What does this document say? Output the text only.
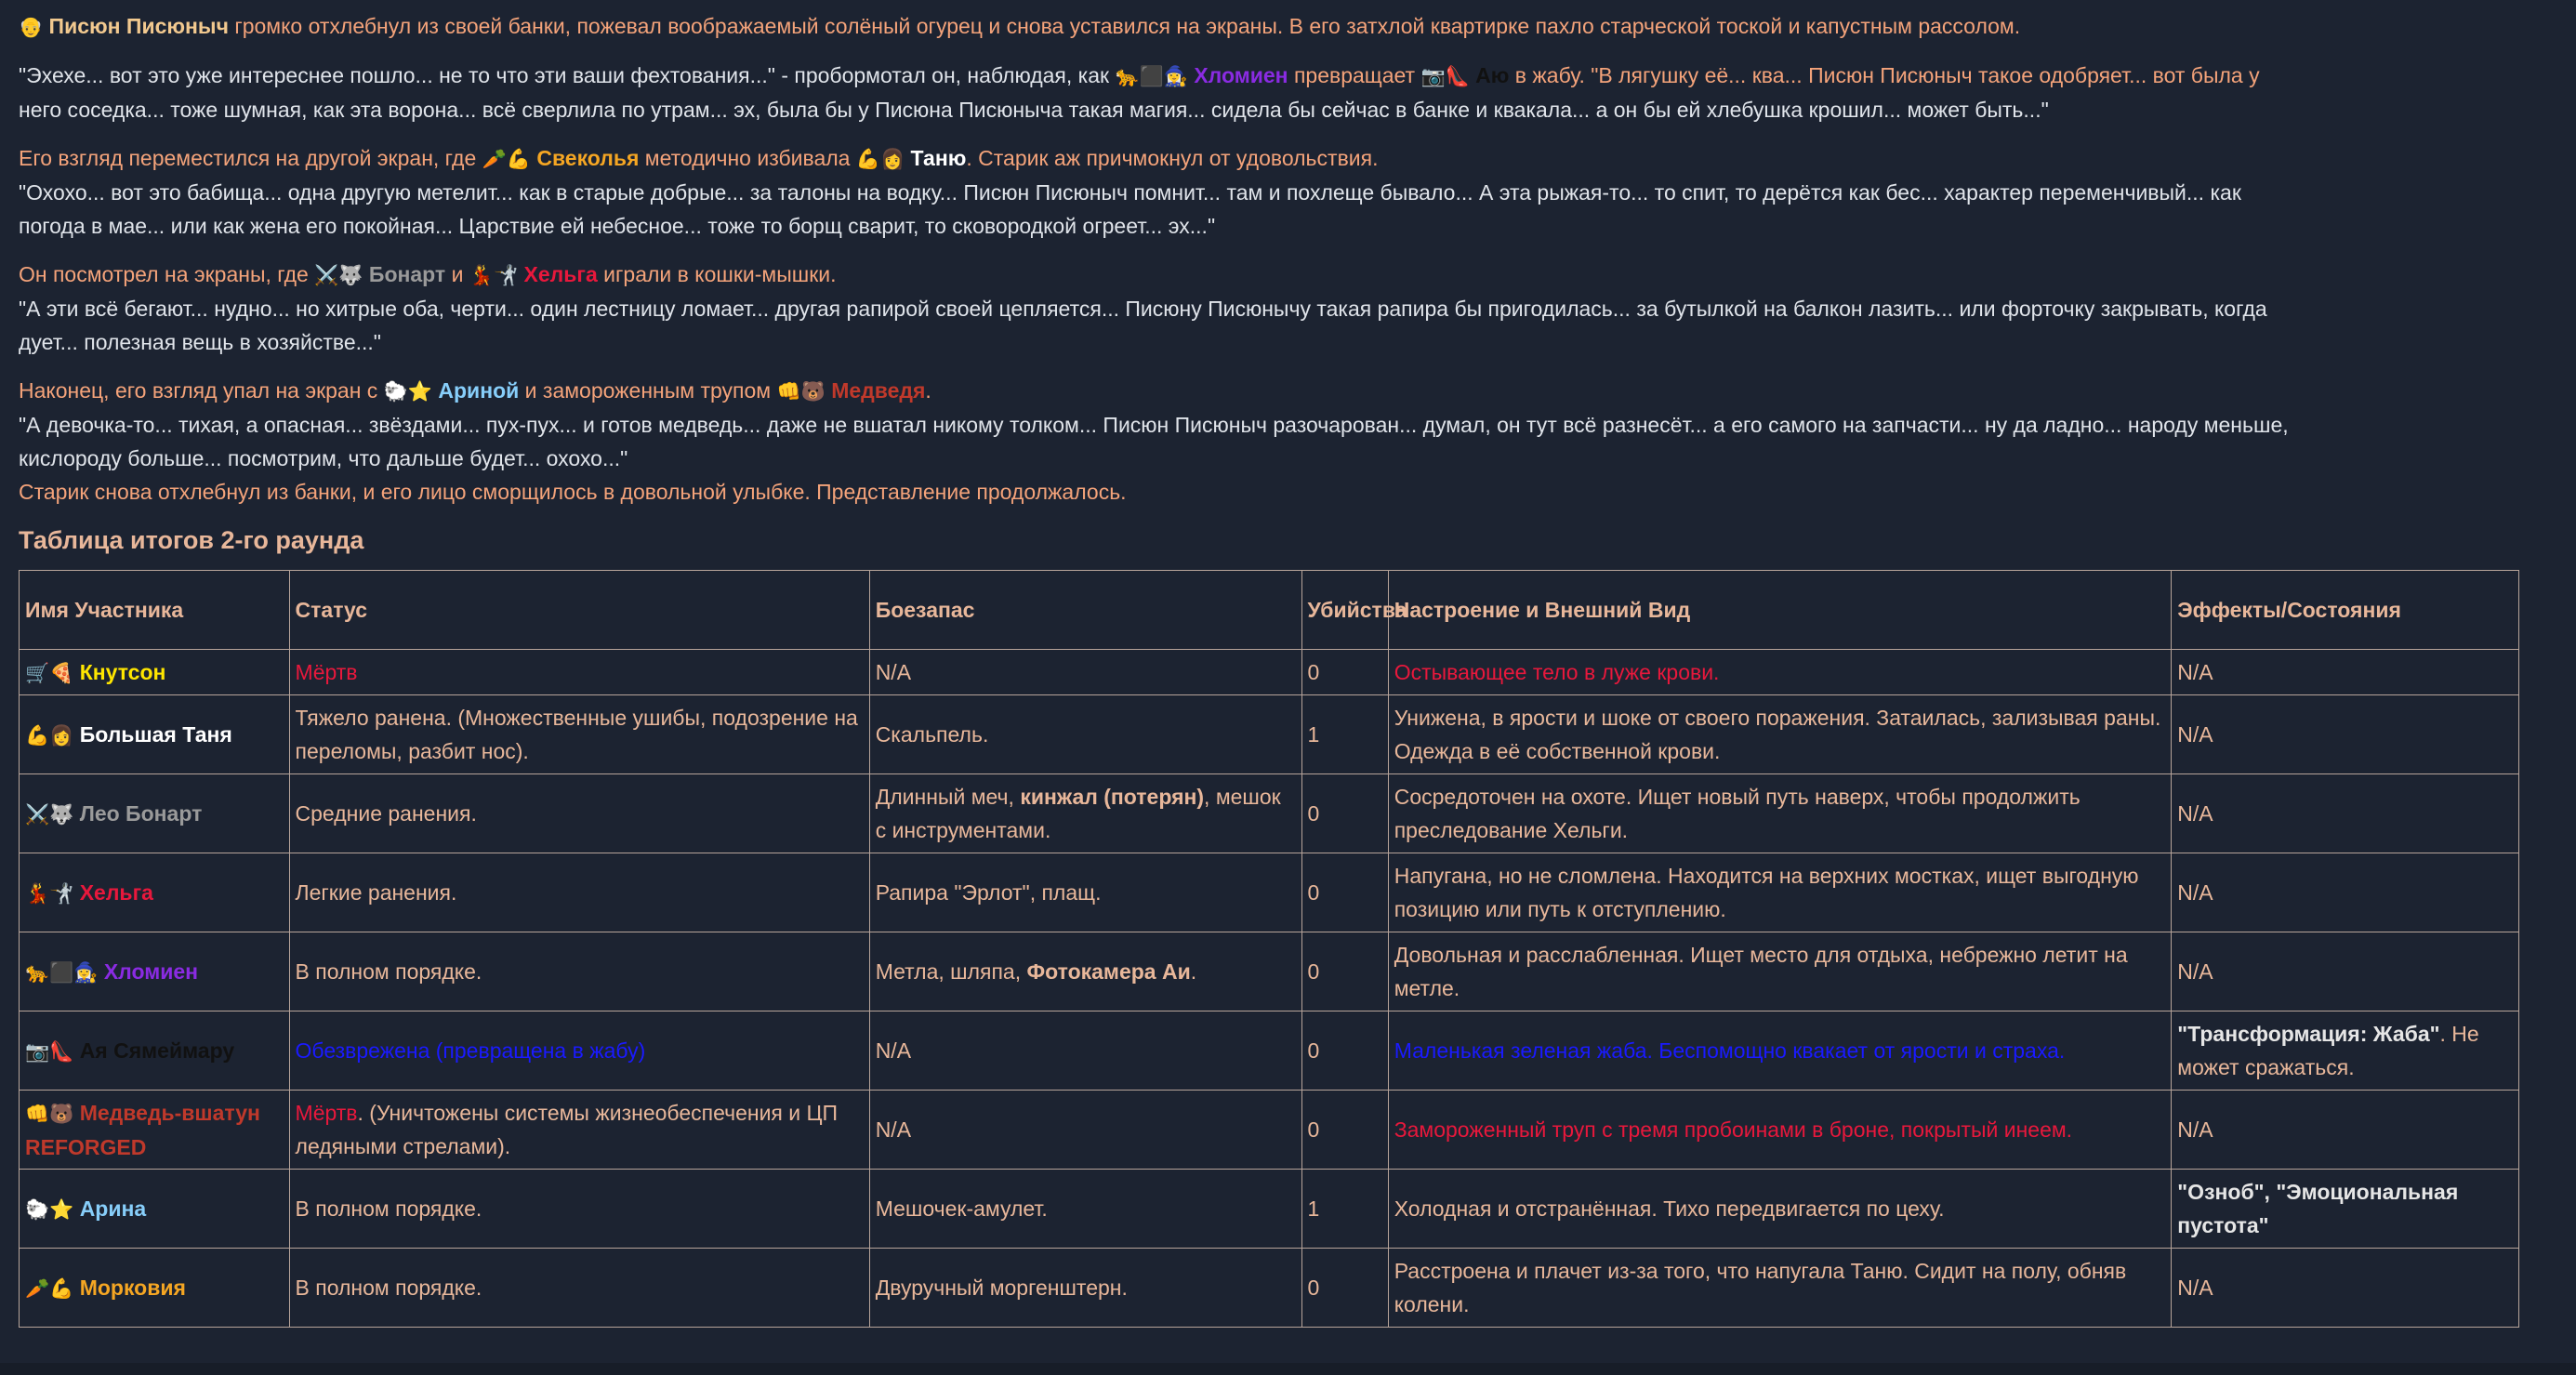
👴 Писюн Писюныч громко отхлебнул из своей банки, пожевал воображаемый солёный огурец и снова уставился на экраны. В его затхлой квартирке пахло старческой тоской и капустным рассолом.

"Эхехе... вот это уже интереснее пошло... не то что эти ваши фехтования..." - пробормотал он, наблюдая, как 🐆⬛🧙‍♀️ Хломиен превращает 📷👠 Аю в жабу. "В лягушку её... ква... Писюн Писюныч такое одобряет... вот была у
него соседка... тоже шумная, как эта ворона... всё сверлила по утрам... эх, была бы у Писюна Писюныча такая магия... сидела бы сейчас в банке и квакала... а он бы ей хлебушка крошил... может быть..."

Его взгляд переместился на другой экран, где 🥕💪 Свеколья методично избивала 💪👩 Таню. Старик аж причмокнул от удовольствия.
"Охохо... вот это бабища... одна другую метелит... как в старые добрые... за талоны на водку... Писюн Писюныч помнит... там и похлеще бывало... А эта рыжая-то... то спит, то дерётся как бес... характер переменчивый... как
погода в мае... или как жена его покойная... Царствие ей небесное... тоже то борщ сварит, то сковородкой огреет... эх..."

Он посмотрел на экраны, где ⚔️🐺 Бонарт и 💃🤺 Хельга играли в кошки-мышки.
"А эти всё бегают... нудно... но хитрые оба, черти... один лестницу ломает... другая рапирой своей цепляется... Писюну Писюнычу такая рапира бы пригодилась... за бутылкой на балкон лазить... или форточку закрывать, когда
дует... полезная вещь в хозяйстве..."

Наконец, его взгляд упал на экран с 🐑⭐ Ариной и замороженным трупом 👊🐻 Медведя.
"А девочка-то... тихая, а опасная... звёздами... пух-пух... и готов медведь... даже не вшатал никому толком... Писюн Писюныч разочарован... думал, он тут всё разнесёт... а его самого на запчасти... ну да ладно... народу меньше,
кислороду больше... посмотрим, что дальше будет... охохо..."
Старик снова отхлебнул из банки, и его лицо сморщилось в довольной улыбке. Представление продолжалось.

Таблица итогов 2-го раунда
Имя Участника	Статус	Боезапас	Убийства	Настроение и Внешний Вид	Эффекты/Состояния
🛒🍕 Кнутсон	Мёртв	N/A	0	Остывающее тело в луже крови.	N/A
💪👩 Большая Таня	Тяжело ранена. (Множественные ушибы, подозрение на переломы, разбит нос).	Скальпель.	1	Унижена, в ярости и шоке от своего поражения. Затаилась, зализывая раны. Одежда в её собственной крови.	N/A
⚔️🐺 Лео Бонарт	Средние ранения.	Длинный меч, кинжал (потерян), мешок с инструментами.	0	Сосредоточен на охоте. Ищет новый путь наверх, чтобы продолжить преследование Хельги.	N/A
💃🤺 Хельга	Легкие ранения.	Рапира "Эрлот", плащ.	0	Напугана, но не сломлена. Находится на верхних мостках, ищет выгодную позицию или путь к отступлению.	N/A
🐆⬛🧙‍♀️ Хломиен	В полном порядке.	Метла, шляпа, Фотокамера Аи.	0	Довольная и расслабленная. Ищет место для отдыха, небрежно летит на метле.	N/A
📷👠 Ая Сямеймару	Обезврежена (превращена в жабу)	N/A	0	Маленькая зеленая жаба. Беспомощно квакает от ярости и страха.	"Трансформация: Жаба". Не может сражаться.
👊🐻 Медведь-вшатун REFORGED	Мёртв. (Уничтожены системы жизнеобеспечения и ЦП ледяными стрелами).	N/A	0	Замороженный труп с тремя пробоинами в броне, покрытый инеем.	N/A
🐑⭐ Арина	В полном порядке.	Мешочек-амулет.	1	Холодная и отстранённая. Тихо передвигается по цеху.	"Озноб", "Эмоциональная пустота"
🥕💪 Морковия	В полном порядке.	Двуручный моргенштерн.	0	Расстроена и плачет из-за того, что напугала Таню. Сидит на полу, обняв колени.	N/A
